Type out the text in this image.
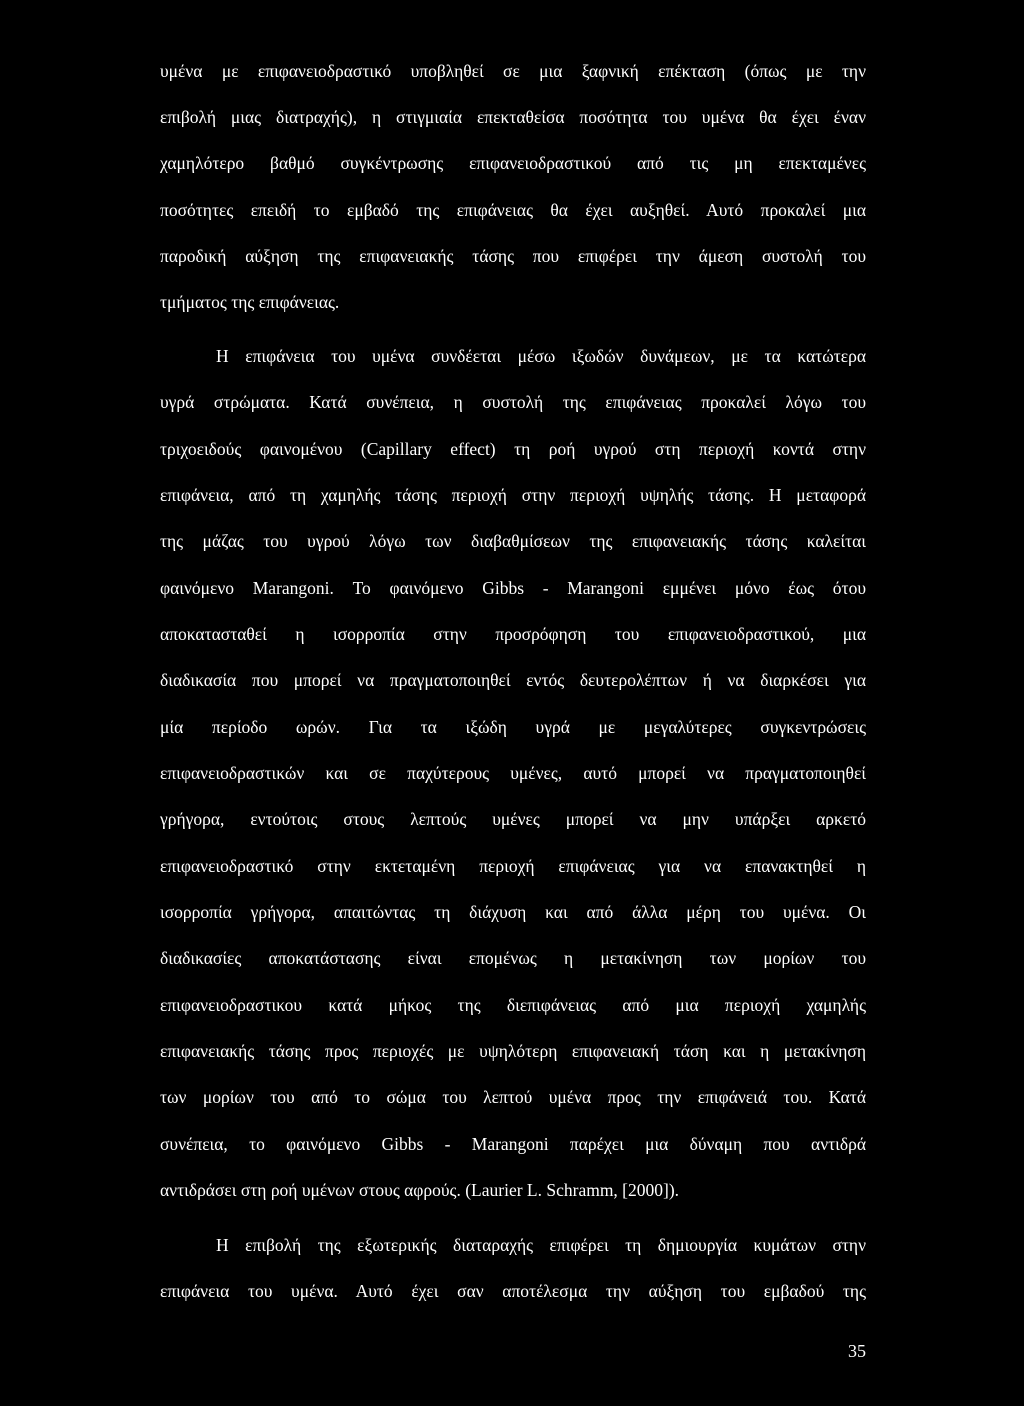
υμένα με επιφανειοδραστικό υποβληθεί σε μια ξαφνική επέκταση (όπως με την

επιβολή μιας διατραχής), η στιγμιαία επεκταθείσα ποσότητα του υμένα θα έχει έναν

χαμηλότερο βαθμό συγκέντρωσης επιφανειοδραστικού από τις μη επεκταμένες

ποσότητες επειδή το εμβαδό της επιφάνειας θα έχει αυξηθεί. Αυτό προκαλεί μια

παροδική αύξηση της επιφανειακής τάσης που επιφέρει την άμεση συστολή του

τμήματος της επιφάνειας.

Η επιφάνεια του υμένα συνδέεται μέσω ιξωδών δυνάμεων, με τα κατώτερα

υγρά στρώματα. Κατά συνέπεια, η συστολή της επιφάνειας προκαλεί λόγω του

τριχοειδούς φαινομένου (Capillary effect) τη ροή υγρού στη περιοχή κοντά στην

επιφάνεια, από τη χαμηλής τάσης περιοχή στην περιοχή υψηλής τάσης. Η μεταφορά

της μάζας του υγρού λόγω των διαβαθμίσεων της επιφανειακής τάσης καλείται

φαινόμενο Marangoni. Το φαινόμενο Gibbs - Marangoni εμμένει μόνο έως ότου

αποκατασταθεί η ισορροπία στην προσρόφηση του επιφανειοδραστικού, μια

διαδικασία που μπορεί να πραγματοποιηθεί εντός δευτερολέπτων ή να διαρκέσει για

μία περίοδο ωρών. Για τα ιξώδη υγρά με μεγαλύτερες συγκεντρώσεις

επιφανειοδραστικών και σε παχύτερους υμένες, αυτό μπορεί να πραγματοποιηθεί

γρήγορα, εντούτοις στους λεπτούς υμένες μπορεί να μην υπάρξει αρκετό

επιφανειοδραστικό στην εκτεταμένη περιοχή επιφάνειας για να επανακτηθεί η

ισορροπία γρήγορα, απαιτώντας τη διάχυση και από άλλα μέρη του υμένα. Οι

διαδικασίες αποκατάστασης είναι επομένως η μετακίνηση των μορίων του

επιφανειοδραστικου κατά μήκος της διεπιφάνειας από μια περιοχή χαμηλής

επιφανειακής τάσης προς περιοχές με υψηλότερη επιφανειακή τάση και η μετακίνηση

των μορίων του από το σώμα του λεπτού υμένα προς την επιφάνειά του. Κατά

συνέπεια, το φαινόμενο Gibbs - Marangoni παρέχει μια δύναμη που αντιδρά

αντιδράσει στη ροή υμένων στους αφρούς. (Laurier L. Schramm, [2000]).

Η επιβολή της εξωτερικής διαταραχής επιφέρει τη δημιουργία κυμάτων στην

επιφάνεια του υμένα. Αυτό έχει σαν αποτέλεσμα την αύξηση του εμβαδού της

35
